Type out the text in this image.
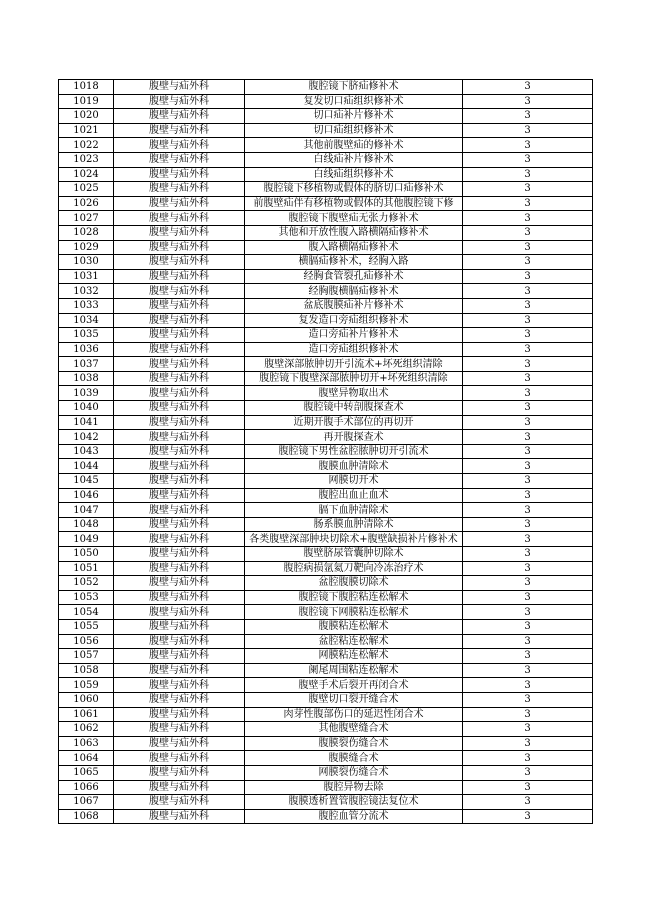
1018	腹壁与疝外科	腹腔镜下脐疝修补术	3
1019	腹壁与疝外科	复发切口疝组织修补术	3
1020	腹壁与疝外科	切口疝补片修补术	3
1021	腹壁与疝外科	切口疝组织修补术	3
1022	腹壁与疝外科	其他前腹壁疝的修补术	3
1023	腹壁与疝外科	白线疝补片修补术	3
1024	腹壁与疝外科	白线疝组织修补术	3
1025	腹壁与疝外科	腹腔镜下移植物或假体的脐切口疝修补术	3
1026	腹壁与疝外科	前腹壁疝伴有移植物或假体的其他腹腔镜下修	3
1027	腹壁与疝外科	腹腔镜下腹壁疝无张力修补术	3
1028	腹壁与疝外科	其他和开放性腹入路横隔疝修补术	3
1029	腹壁与疝外科	腹入路横隔疝修补术	3
1030	腹壁与疝外科	横膈疝修补术，经胸入路	3
1031	腹壁与疝外科	经胸食管裂孔疝修补术	3
1032	腹壁与疝外科	经胸腹横膈疝修补术	3
1033	腹壁与疝外科	盆底腹膜疝补片修补术	3
1034	腹壁与疝外科	复发造口旁疝组织修补术	3
1035	腹壁与疝外科	造口旁疝补片修补术	3
1036	腹壁与疝外科	造口旁疝组织修补术	3
1037	腹壁与疝外科	腹壁深部脓肿切开引流术+坏死组织清除	3
1038	腹壁与疝外科	腹腔镜下腹壁深部脓肿切开+坏死组织清除	3
1039	腹壁与疝外科	腹壁异物取出术	3
1040	腹壁与疝外科	腹腔镜中转剖腹探查术	3
1041	腹壁与疝外科	近期开腹手术部位的再切开	3
1042	腹壁与疝外科	再开腹探查术	3
1043	腹壁与疝外科	腹腔镜下男性盆腔脓肿切开引流术	3
1044	腹壁与疝外科	腹膜血肿清除术	3
1045	腹壁与疝外科	网膜切开术	3
1046	腹壁与疝外科	腹腔出血止血术	3
1047	腹壁与疝外科	膈下血肿清除术	3
1048	腹壁与疝外科	肠系膜血肿清除术	3
1049	腹壁与疝外科	各类腹壁深部肿块切除术+腹壁缺损补片修补术	3
1050	腹壁与疝外科	腹壁脐尿管囊肿切除术	3
1051	腹壁与疝外科	腹腔病损氩氦刀靶向冷冻治疗术	3
1052	腹壁与疝外科	盆腔腹膜切除术	3
1053	腹壁与疝外科	腹腔镜下腹腔粘连松解术	3
1054	腹壁与疝外科	腹腔镜下网膜粘连松解术	3
1055	腹壁与疝外科	腹膜粘连松解术	3
1056	腹壁与疝外科	盆腔粘连松解术	3
1057	腹壁与疝外科	网膜粘连松解术	3
1058	腹壁与疝外科	阑尾周围粘连松解术	3
1059	腹壁与疝外科	腹壁手术后裂开再闭合术	3
1060	腹壁与疝外科	腹壁切口裂开缝合术	3
1061	腹壁与疝外科	肉芽性腹部伤口的延迟性闭合术	3
1062	腹壁与疝外科	其他腹壁缝合术	3
1063	腹壁与疝外科	腹膜裂伤缝合术	3
1064	腹壁与疝外科	腹膜缝合术	3
1065	腹壁与疝外科	网膜裂伤缝合术	3
1066	腹壁与疝外科	腹腔异物去除	3
1067	腹壁与疝外科	腹膜透析置管腹腔镜法复位术	3
1068	腹壁与疝外科	腹腔血管分流术	3
